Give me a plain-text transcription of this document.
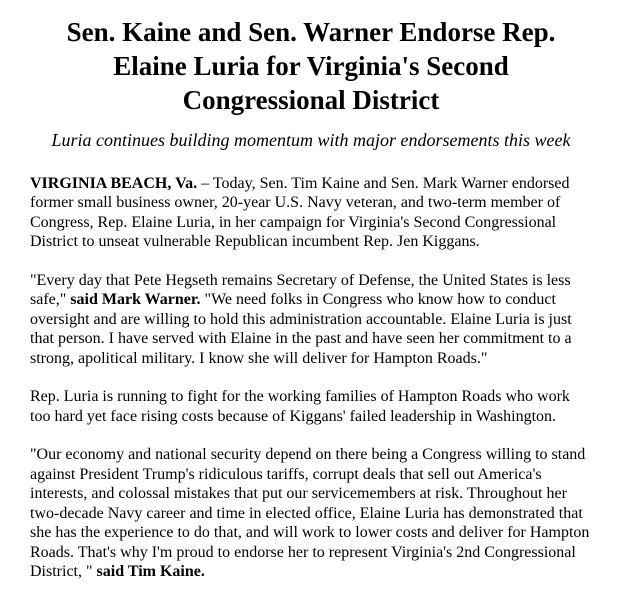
Sen. Kaine and Sen. Warner Endorse Rep. Elaine Luria for Virginia's Second Congressional District

Luria continues building momentum with major endorsements this week

VIRGINIA BEACH, Va. – Today, Sen. Tim Kaine and Sen. Mark Warner endorsed former small business owner, 20-year U.S. Navy veteran, and two-term member of Congress, Rep. Elaine Luria, in her campaign for Virginia's Second Congressional District to unseat vulnerable Republican incumbent Rep. Jen Kiggans.

"Every day that Pete Hegseth remains Secretary of Defense, the United States is less safe," said Mark Warner. "We need folks in Congress who know how to conduct oversight and are willing to hold this administration accountable. Elaine Luria is just that person. I have served with Elaine in the past and have seen her commitment to a strong, apolitical military. I know she will deliver for Hampton Roads."

Rep. Luria is running to fight for the working families of Hampton Roads who work too hard yet face rising costs because of Kiggans' failed leadership in Washington.

"Our economy and national security depend on there being a Congress willing to stand against President Trump's ridiculous tariffs, corrupt deals that sell out America's interests, and colossal mistakes that put our servicemembers at risk. Throughout her two-decade Navy career and time in elected office, Elaine Luria has demonstrated that she has the experience to do that, and will work to lower costs and deliver for Hampton Roads. That's why I'm proud to endorse her to represent Virginia's 2nd Congressional District, " said Tim Kaine.
